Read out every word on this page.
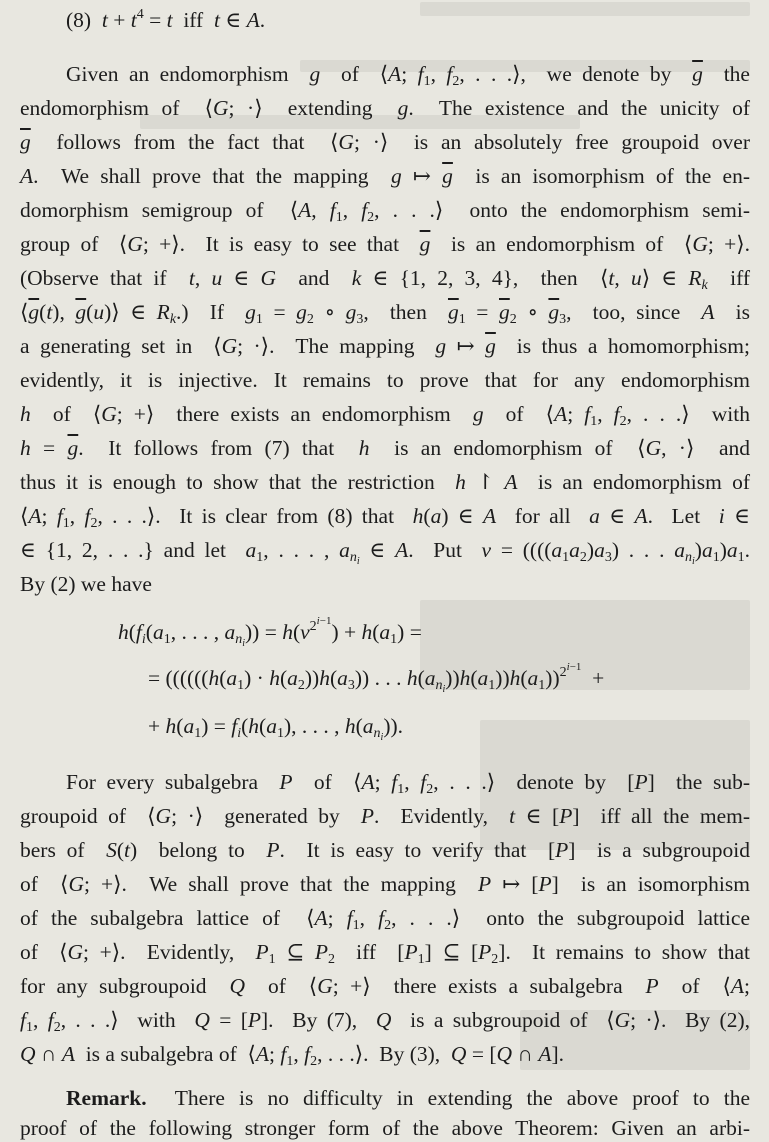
(8)  $t + t^4 = t$  iff  t ∈ A.
Given an endomorphism  g  of  ⟨A; $f_1$, $f_2$, . . .⟩,  we denote by  $\overline{g}$  the
endomorphism of  ⟨G; ·⟩  extending  g.  The existence and the unicity of
$\overline{g}$  follows from the fact that  ⟨G; ·⟩  is an absolutely free groupoid over
A.  We shall prove that the mapping  g ↦ $\overline{g}$  is an isomorphism of the en-
domorphism semigroup of  ⟨A, $f_1$, $f_2$, . . .⟩  onto the endomorphism semi-
group of  ⟨G; +⟩.  It is easy to see that  $\overline{g}$  is an endomorphism of  ⟨G; +⟩.
(Observe that if  t, u ∈ G  and  k ∈ {1, 2, 3, 4},  then  ⟨t, u⟩ ∈ $R_k$  iff
$⟨\overline{g}(t)$, $\overline{g}(u)⟩$ ∈ $R_k$.)  If  $g_1 = g_2$ ∘ $g_3$,  then  $\overline{g}_1 = \overline{g}_2$ ∘ $\overline{g}_3$,  too, since  A  is
a generating set in  ⟨G; ·⟩.  The mapping  g ↦ $\overline{g}$  is thus a homomorphism;
evidently, it is injective. It remains to prove that for any endomorphism
h  of  ⟨G; +⟩  there exists an endomorphism  g  of  ⟨A; $f_1$, $f_2$, . . .⟩  with
$h = \overline{g}$.  It follows from (7) that  h  is an endomorphism of  ⟨G, ·⟩  and
thus it is enough to show that the restriction  h ↾ A  is an endomorphism of
⟨A; $f_1$, $f_2$, . . .⟩.  It is clear from (8) that  h(a) ∈ A  for all  a ∈ A.  Let  i ∈
∈ {1, 2, . . .} and let  $a_1$, . . . , $a_{n_i}$ ∈ A.  Put  $v = ((((a_1a_2)a_3)$ . . . $a_{n_i})a_1)a_1$.
By (2) we have
$h(f_i(a_1$, . . . , $a_{n_i})) = h(v^{2^{i-1}}) + h(a_1)$ =
= (((($((h(a_1) \cdot h(a_2))h(a_3))$ . . . $h(a_{n_i}))h(a_1))h(a_1))^{2^{i-1}}$  +
+ $h(a_1) = f_i(h(a_1)$, . . . , $h(a_{n_i})$).
For every subalgebra  P  of  ⟨A; $f_1$, $f_2$, . . .⟩  denote by  [P]  the sub-
groupoid of  ⟨G; ·⟩  generated by  P.  Evidently,  t ∈ [P]  iff all the mem-
bers of  S(t)  belong to  P.  It is easy to verify that  [P]  is a subgroupoid
of  ⟨G; +⟩.  We shall prove that the mapping  P ↦ [P]  is an isomorphism
of the subalgebra lattice of  ⟨A; $f_1$, $f_2$, . . .⟩  onto the subgroupoid lattice
of  ⟨G; +⟩.  Evidently,  $P_1$ ⊆ $P_2$  iff  $[P_1]$ ⊆ $[P_2]$.  It remains to show that
for any subgroupoid  Q  of  ⟨G; +⟩  there exists a subalgebra  P  of  ⟨A;
$f_1$, $f_2$, . . .⟩  with  Q = [P].  By (7),  Q  is a subgroupoid of  ⟨G; ·⟩.  By (2),
Q ∩ A  is a subalgebra of  ⟨A; $f_1$, $f_2$, . . .⟩.  By (3),  Q = [Q ∩ A].
Remark.  There is no difficulty in extending the above proof to the
proof of the following stronger form of the above Theorem: Given an arbi-
